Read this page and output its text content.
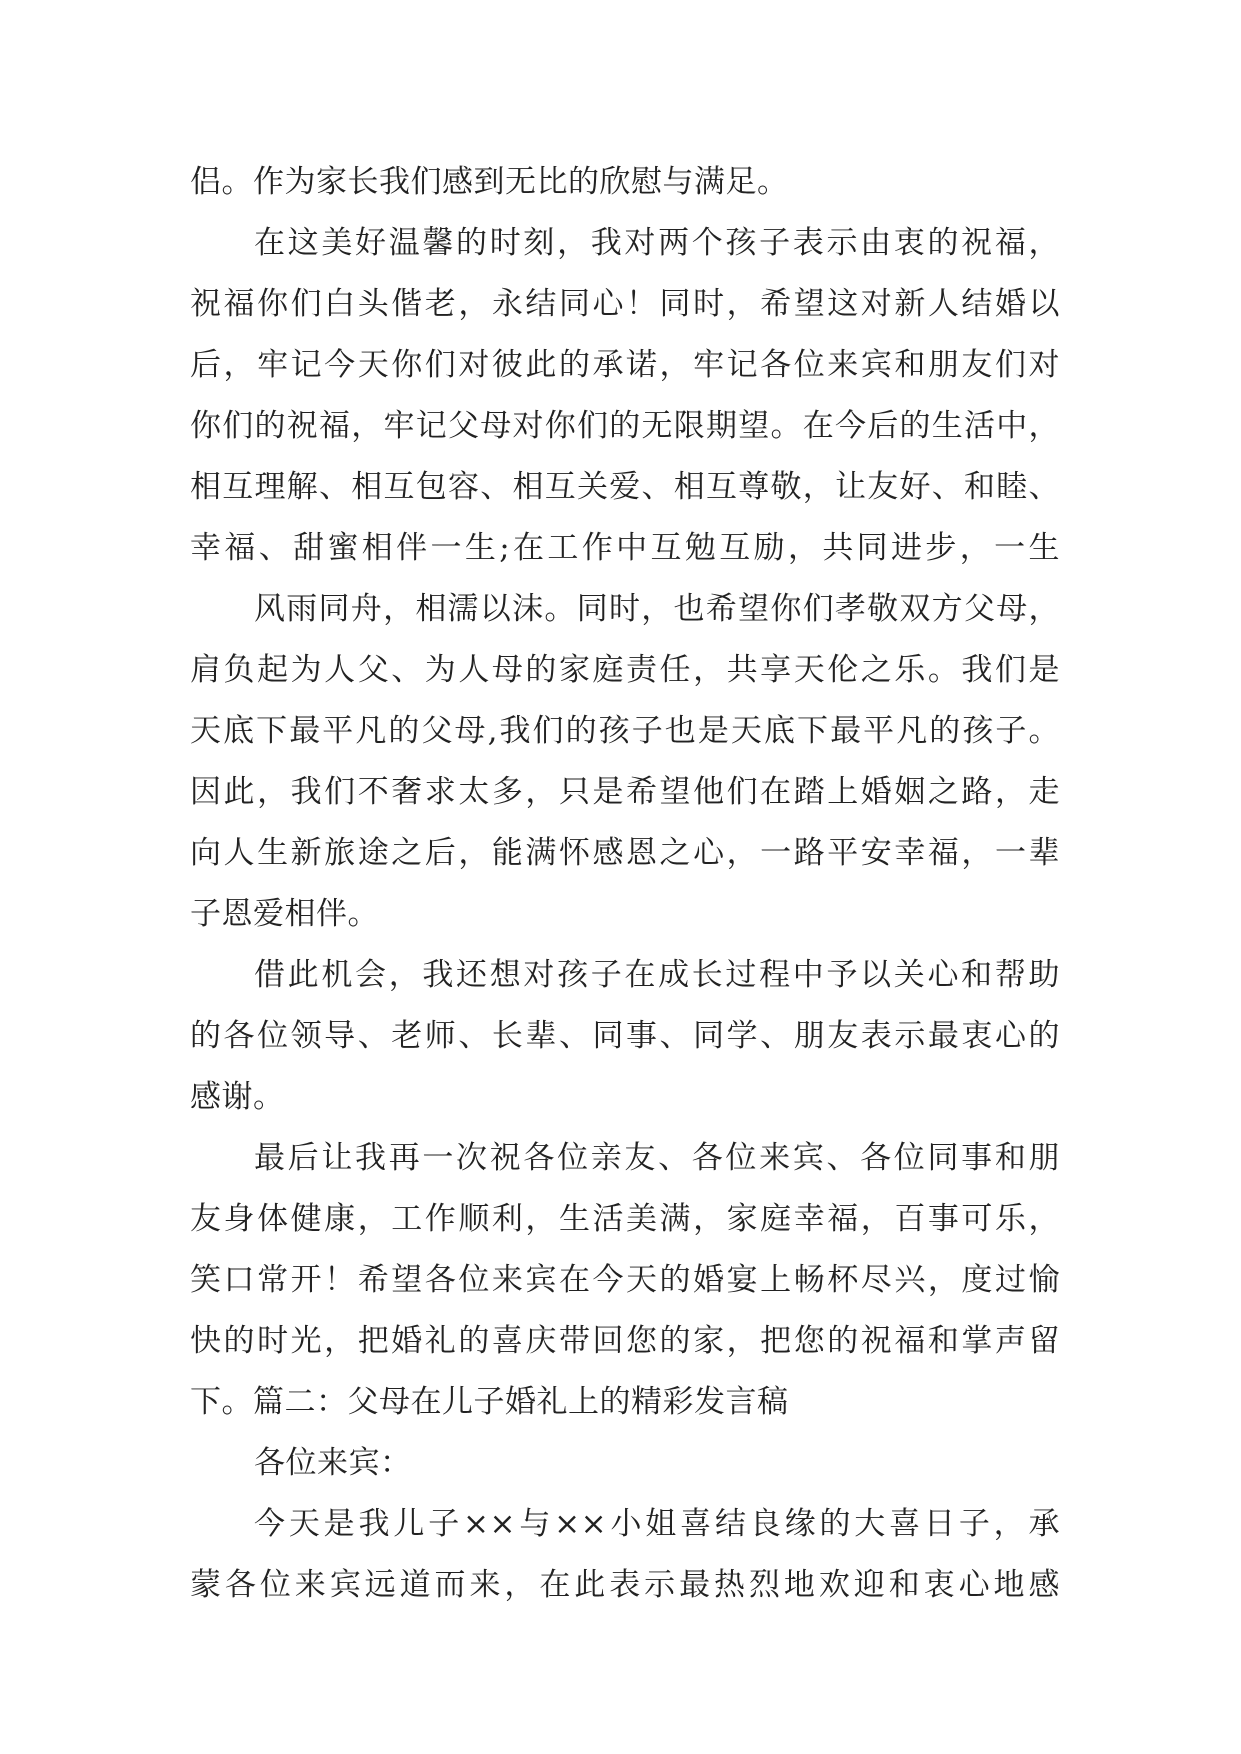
侣。作为家长我们感到无比的欣慰与满足。
在这美好温馨的时刻，我对两个孩子表示由衷的祝福，
祝福你们白头偕老，永结同心！同时，希望这对新人结婚以
后，牢记今天你们对彼此的承诺，牢记各位来宾和朋友们对
你们的祝福，牢记父母对你们的无限期望。在今后的生活中，
相互理解、相互包容、相互关爱、相互尊敬，让友好、和睦、
幸福、甜蜜相伴一生;在工作中互勉互励，共同进步，一生
风雨同舟，相濡以沫。同时，也希望你们孝敬双方父母，
肩负起为人父、为人母的家庭责任，共享天伦之乐。我们是
天底下最平凡的父母,我们的孩子也是天底下最平凡的孩子。
因此，我们不奢求太多，只是希望他们在踏上婚姻之路，走
向人生新旅途之后，能满怀感恩之心，一路平安幸福，一辈
子恩爱相伴。
借此机会，我还想对孩子在成长过程中予以关心和帮助
的各位领导、老师、长辈、同事、同学、朋友表示最衷心的
感谢。
最后让我再一次祝各位亲友、各位来宾、各位同事和朋
友身体健康，工作顺利，生活美满，家庭幸福，百事可乐，
笑口常开！希望各位来宾在今天的婚宴上畅杯尽兴，度过愉
快的时光，把婚礼的喜庆带回您的家，把您的祝福和掌声留
下。篇二：父母在儿子婚礼上的精彩发言稿
各位来宾：
今天是我儿子××与××小姐喜结良缘的大喜日子，承
蒙各位来宾远道而来，在此表示最热烈地欢迎和衷心地感
